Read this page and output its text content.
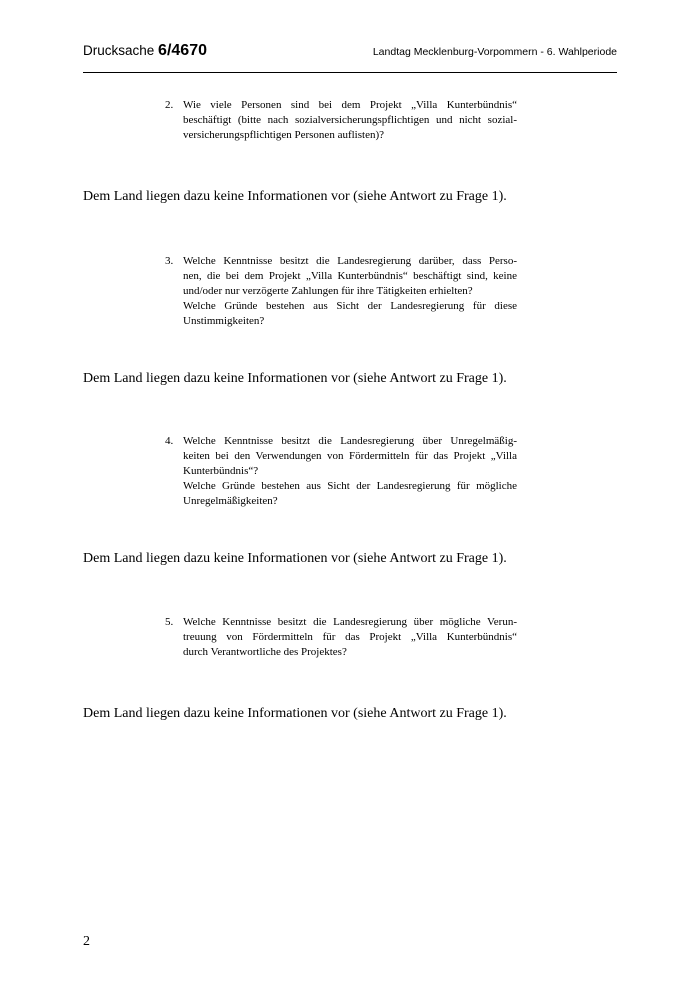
Drucksache 6/4670	Landtag Mecklenburg-Vorpommern - 6. Wahlperiode
2. Wie viele Personen sind bei dem Projekt „Villa Kunterbündnis“
beschäftigt (bitte nach sozialversicherungspflichtigen und nicht sozial-
versicherungspflichtigen Personen auflisten)?
Dem Land liegen dazu keine Informationen vor (siehe Antwort zu Frage 1).
3. Welche Kenntnisse besitzt die Landesregierung darüber, dass Perso-
nen, die bei dem Projekt „Villa Kunterbündnis“ beschäftigt sind, keine
und/oder nur verzögerte Zahlungen für ihre Tätigkeiten erhielten?
Welche Gründe bestehen aus Sicht der Landesregierung für diese
Unstimmigkeiten?
Dem Land liegen dazu keine Informationen vor (siehe Antwort zu Frage 1).
4. Welche Kenntnisse besitzt die Landesregierung über Unregelmäßig-
keiten bei den Verwendungen von Fördermitteln für das Projekt „Villa
Kunterbündnis“?
Welche Gründe bestehen aus Sicht der Landesregierung für mögliche
Unregelmäßigkeiten?
Dem Land liegen dazu keine Informationen vor (siehe Antwort zu Frage 1).
5. Welche Kenntnisse besitzt die Landesregierung über mögliche Verun-
treuung von Fördermitteln für das Projekt „Villa Kunterbündnis“
durch Verantwortliche des Projektes?
Dem Land liegen dazu keine Informationen vor (siehe Antwort zu Frage 1).
2
